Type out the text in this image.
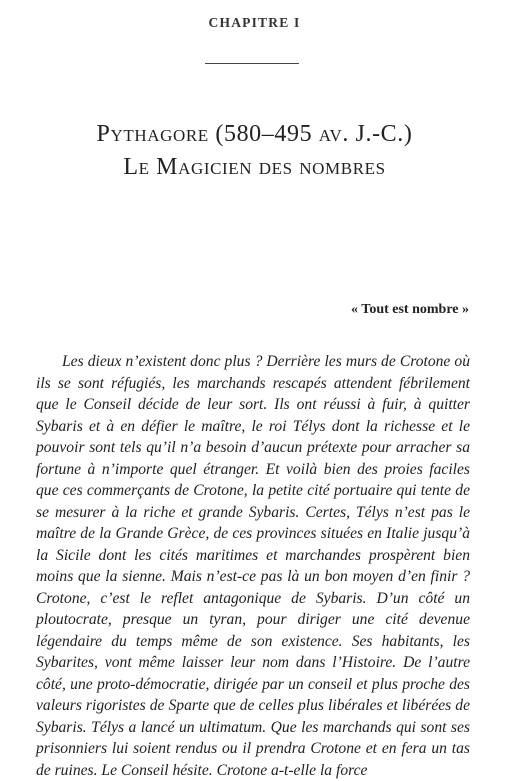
CHAPITRE I
Pythagore (580–495 av. J.-C.)
Le Magicien des nombres
« Tout est nombre »

Les dieux n’existent donc plus ? Derrière les murs de Crotone où ils se sont réfugiés, les marchands rescapés attendent fébrilement que le Conseil décide de leur sort. Ils ont réussi à fuir, à quitter Sybaris et à en défier le maître, le roi Télys dont la richesse et le pouvoir sont tels qu’il n’a besoin d’aucun prétexte pour arracher sa fortune à n’importe quel étranger. Et voilà bien des proies faciles que ces commerçants de Crotone, la petite cité portuaire qui tente de se mesurer à la riche et grande Sybaris. Certes, Télys n’est pas le maître de la Grande Grèce, de ces provinces situées en Italie jusqu’à la Sicile dont les cités maritimes et marchandes prospèrent bien moins que la sienne. Mais n’est-ce pas là un bon moyen d’en finir ? Crotone, c’est le reflet antagonique de Sybaris. D’un côté un ploutocrate, presque un tyran, pour diriger une cité devenue légendaire du temps même de son existence. Ses habitants, les Sybarites, vont même laisser leur nom dans l’Histoire. De l’autre côté, une proto-démocratie, dirigée par un conseil et plus proche des valeurs rigoristes de Sparte que de celles plus libérales et libérées de Sybaris. Télys a lancé un ultimatum. Que les marchands qui sont ses prisonniers lui soient rendus ou il prendra Crotone et en fera un tas de ruines. Le Conseil hésite. Crotone a-t-elle la force
